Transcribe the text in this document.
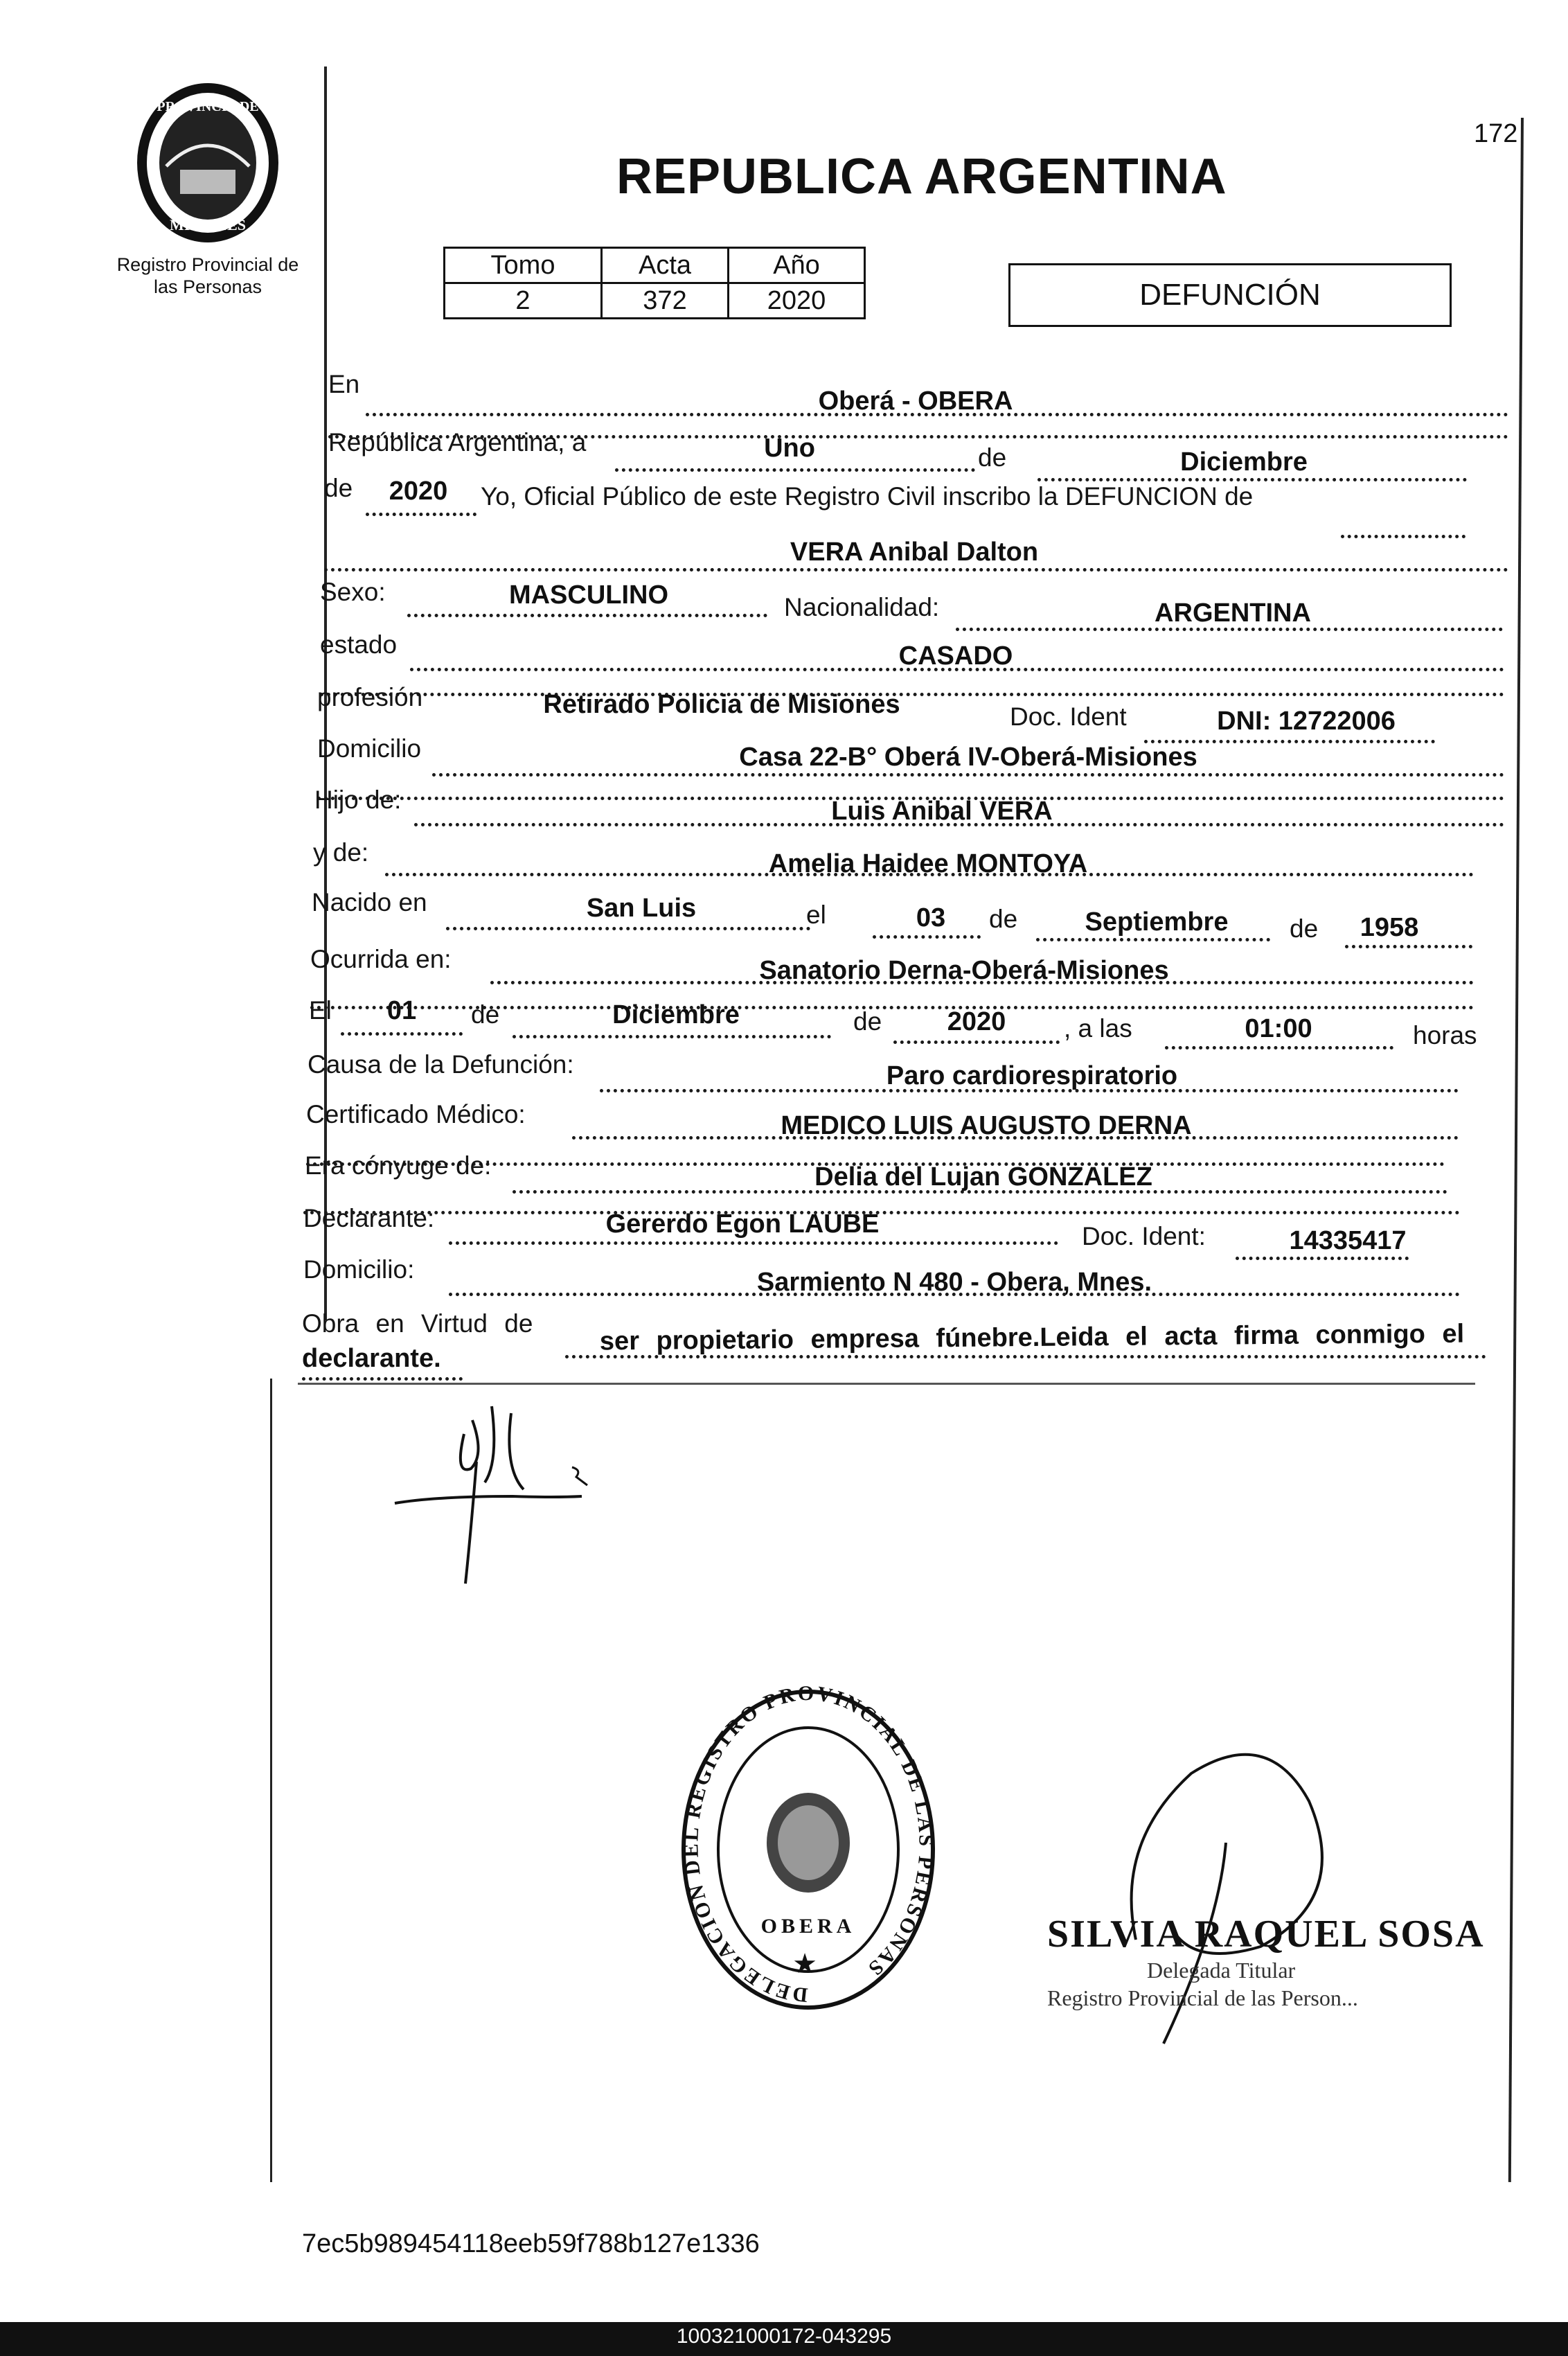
PROVINCIA DE
MISIONES
Registro Provincial de las Personas
REPUBLICA ARGENTINA
172
Tomo	Acta	Año
2	372	2020	DEFUNCIÓN
En
Oberá - OBERA
República Argentina, a	Uno	de	Diciembre
de 2020 Yo, Oficial Público de este Registro Civil inscribo la DEFUNCION de
VERA Anibal Dalton
Sexo:	MASCULINO	Nacionalidad:	ARGENTINA
estado	CASADO
profesión	Retirado Policia de Misiones	Doc. Ident	DNI: 12722006
Domicilio	Casa 22-B° Oberá IV-Oberá-Misiones
Hijo de:	Luis Anibal VERA
y de:	Amelia Haidee MONTOYA
Nacido en	San Luis	el	03 de	Septiembre de 1958
Ocurrida en:	Sanatorio Derna-Oberá-Misiones
El 01 de	Diciembre	de 2020 , a las	01:00	horas
Causa de la Defunción:	Paro cardiorespiratorio
Certificado Médico:	MEDICO LUIS AUGUSTO DERNA
Era cónyuge de:	Delia del Lujan GONZALEZ
Declarante:	Gererdo Egon LAUBE	Doc. Ident:	14335417
Domicilio:	Sarmiento N 480 - Obera, Mnes.
Obra en Virtud de	ser propietario empresa fúnebre.Leida el acta firma conmigo el
declarante.
DELEGACION DEL REGISTRO PROVINCIAL DE LAS PERSONAS
OBERA
★
SILVIA RAQUEL SOSA
Delegada Titular
Registro Provincial de las Person...
7ec5b989454118eeb59f788b127e1336
100321000172-043295
